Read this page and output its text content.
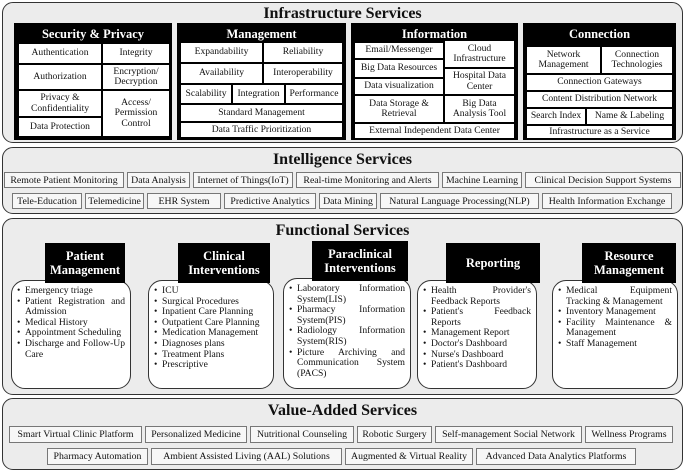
Infrastructure Services
Security & Privacy
Authentication	Integrity
Authorization	Encryption/ Decryption
Privacy & Confidentiality
Access/ Permission Control
Data Protection
Management
Expandability	Reliability
Availability	Interoperability
Scalability	Integration	Performance
Standard Management
Data Traffic Prioritization
Information
Email/Messenger	Cloud Infrastructure
Big Data Resources
Hospital Data Center
Data visualization
Data Storage & Retrieval
Big Data Analysis Tool
External Independent Data Center
Connection
Network Management
Connection Technologies
Connection Gateways
Content Distribution Network
Search Index	Name & Labeling
Infrastructure as a Service
Intelligence Services
Remote Patient Monitoring	Data Analysis	Internet of Things(IoT)	Real-time Monitoring and Alerts	Machine Learning	Clinical Decision Support Systems
Tele-Education	Telemedicine	EHR System	Predictive Analytics	Data Mining	Natural Language Processing(NLP)	Health Information Exchange
Functional Services
• Emergency triage
• Patient Registration and Admission
• Medical History
• Appointment Scheduling
• Discharge and Follow-Up Care
Patient Management
• ICU
• Surgical Procedures
• Inpatient Care Planning
• Outpatient Care Planning
• Medication Management
• Diagnoses plans
• Treatment Plans
• Prescriptive
Clinical Interventions
• Laboratory Information System(LIS)
• Pharmacy Information System(PIS)
• Radiology Information System(RIS)
• Picture Archiving and Communication System (PACS)
Paraclinical Interventions
• Health Provider's Feedback Reports
• Patient's Feedback Reports
• Management Report
• Doctor's Dashboard
• Nurse's Dashboard
• Patient's Dashboard
Reporting
• Medical Equipment Tracking & Management
• Inventory Management
• Facility Maintenance & Management
• Staff Management
Resource Management
Value-Added Services
Smart Virtual Clinic Platform	Personalized Medicine	Nutritional Counseling	Robotic Surgery	Self-management Social Network	Wellness Programs
Pharmacy Automation	Ambient Assisted Living (AAL) Solutions	Augmented & Virtual Reality	Advanced Data Analytics Platforms
